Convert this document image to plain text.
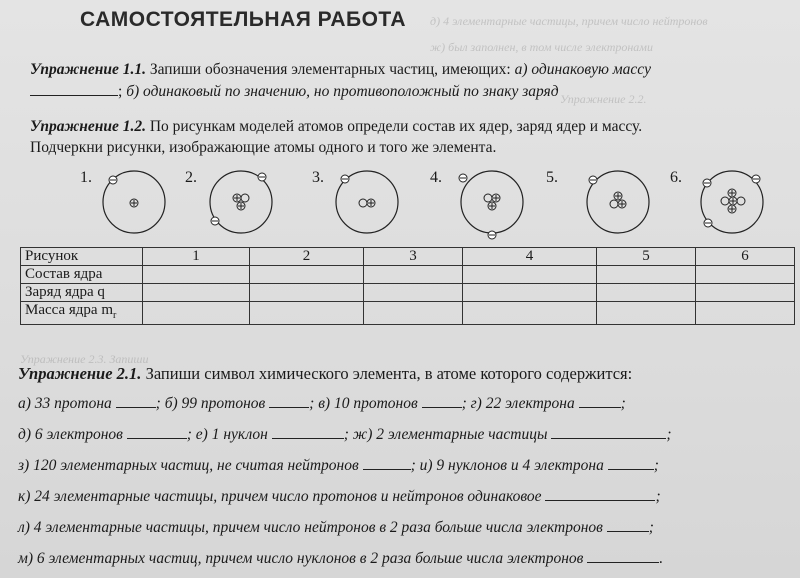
д) 4 элементарные частицы, причем число нейтронов
ж) был заполнен, в том числе электронами
Упражнение 2.2.
Упражнение 2.3. Запиши
САМОСТОЯТЕЛЬНАЯ РАБОТА
Упражнение 1.1. Запиши обозначения элементарных частиц, имеющих: а) одинаковую массу
; б) одинаковый по значению, но противоположный по знаку заряд
Упражнение 1.2. По рисункам моделей атомов определи состав их ядер, заряд ядер и массу.
Подчеркни рисунки, изображающие атомы одного и того же элемента.
1.	2.	3.	4.	5.	6.
Рисунок	1	2	3	4	5	6
Состав ядра						
Заряд ядра q						
Масса ядра $m_r$						
Упражнение 2.1. Запиши символ химического элемента, в атоме которого содержится:
а) 33 протона	; б) 99 протонов	; в) 10 протонов	; г) 22 электрона	;
д) 6 электронов	; е) 1 нуклон	; ж) 2 элементарные частицы	;
з) 120 элементарных частиц, не считая нейтронов	; и) 9 нуклонов и 4 электрона	;
к) 24 элементарные частицы, причем число протонов и нейтронов одинаковое	;
л) 4 элементарные частицы, причем число нейтронов в 2 раза больше числа электронов	;
м) 6 элементарных частиц, причем число нуклонов в 2 раза больше числа электронов	.
